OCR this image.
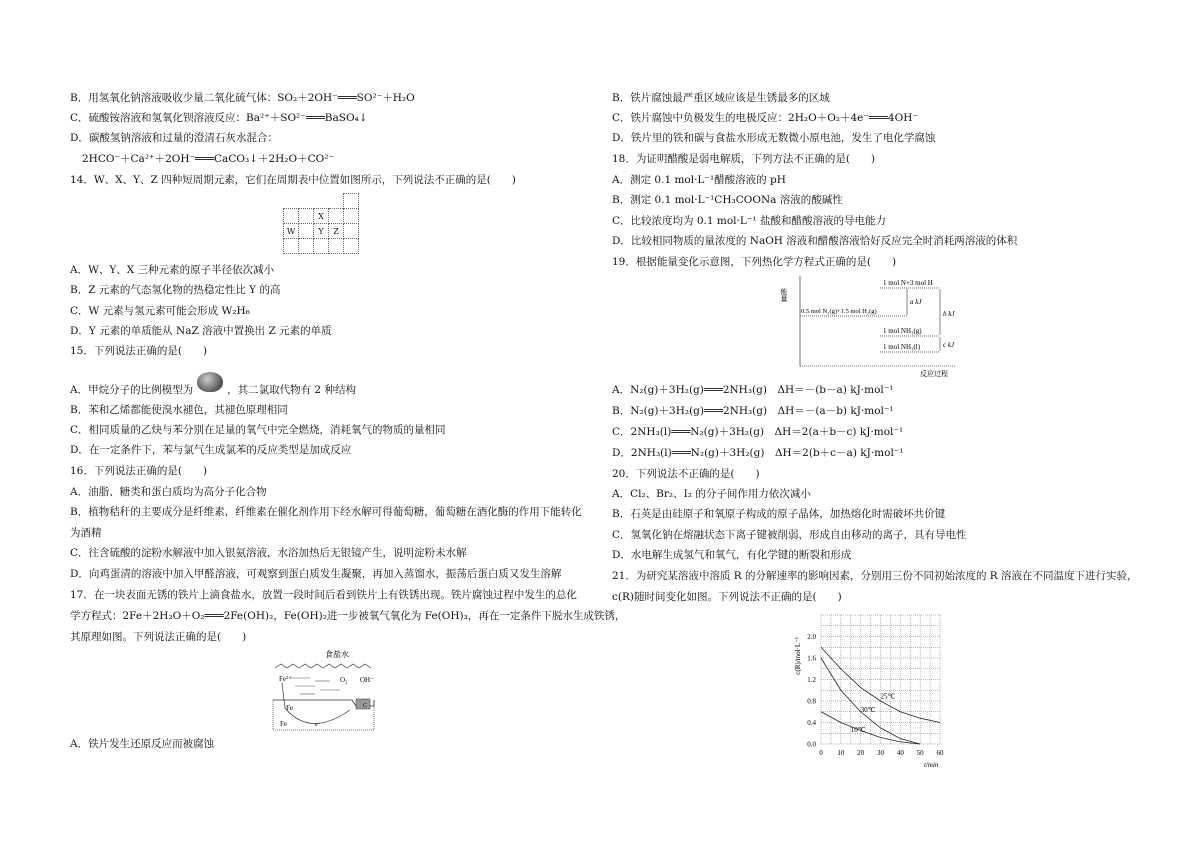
B．用氢氧化钠溶液吸收少量二氧化硫气体：SO₂＋2OH⁻═══SO²⁻＋H₂O
C．硫酸铵溶液和氢氧化钡溶液反应：Ba²⁺＋SO²⁻═══BaSO₄↓
D．碳酸氢钠溶液和过量的澄清石灰水混合：
2HCO⁻＋Ca²⁺＋2OH⁻═══CaCO₃↓＋2H₂O＋CO²⁻
14．W、X、Y、Z 四种短周期元素，它们在周期表中位置如图所示，下列说法不正确的是(　　)

		X		
W		Y	Z	

A．W、Y、X 三种元素的原子半径依次减小
B．Z 元素的气态氢化物的热稳定性比 Y 的高
C．W 元素与氢元素可能会形成 W₂H₆
D．Y 元素的单质能从 NaZ 溶液中置换出 Z 元素的单质
15．下列说法正确的是(　　)
A．甲烷分子的比例模型为	，其二氯取代物有 2 种结构
B．苯和乙烯都能使溴水褪色，其褪色原理相同
C．相同质量的乙炔与苯分别在足量的氧气中完全燃烧，消耗氧气的物质的量相同
D．在一定条件下，苯与氯气生成氯苯的反应类型是加成反应
16．下列说法正确的是(　　)
A．油脂、糖类和蛋白质均为高分子化合物
B．植物秸秆的主要成分是纤维素，纤维素在催化剂作用下经水解可得葡萄糖，葡萄糖在酒化酶的作用下能转化
为酒精
C．往含硫酸的淀粉水解液中加入银氨溶液，水浴加热后无银镜产生，说明淀粉未水解
D．向鸡蛋清的溶液中加入甲醛溶液，可观察到蛋白质发生凝聚，再加入蒸馏水，振荡后蛋白质又发生溶解
17．在一块表面无锈的铁片上滴食盐水，放置一段时间后看到铁片上有铁锈出现。铁片腐蚀过程中发生的总化
学方程式：2Fe＋2H₂O＋O₂═══2Fe(OH)₂，Fe(OH)₂进一步被氧气氧化为 Fe(OH)₃，再在一定条件下脱水生成铁锈，
其原理如图。下列说法正确的是(　　)
食盐水
Fe²⁺	O₂ OH⁻
C
Fe
e⁻
Fe
A．铁片发生还原反应而被腐蚀
B．铁片腐蚀最严重区域应该是生锈最多的区域
C．铁片腐蚀中负极发生的电极反应：2H₂O＋O₂＋4e⁻═══4OH⁻
D．铁片里的铁和碳与食盐水形成无数微小原电池，发生了电化学腐蚀
18．为证明醋酸是弱电解质，下列方法不正确的是(　　)
A．测定 0.1 mol·L⁻¹醋酸溶液的 pH
B．测定 0.1 mol·L⁻¹CH₃COONa 溶液的酸碱性
C．比较浓度均为 0.1 mol·L⁻¹ 盐酸和醋酸溶液的导电能力
D．比较相同物质的量浓度的 NaOH 溶液和醋酸溶液恰好反应完全时消耗两溶液的体积
19．根据能量变化示意图，下列热化学方程式正确的是(　　)
能量
反应过程
1 mol N+3 mol H
0.5 mol N₂(g)+1.5 mol H₂(g)
1 mol NH₃(g)
1 mol NH₃(l)
a kJ
b kJ
c kJ
A．N₂(g)＋3H₂(g)═══2NH₃(g)　ΔH＝－(b－a) kJ·mol⁻¹
B．N₂(g)＋3H₂(g)═══2NH₃(g)　ΔH＝－(a－b) kJ·mol⁻¹
C．2NH₃(l)═══N₂(g)＋3H₂(g)　ΔH＝2(a＋b－c) kJ·mol⁻¹
D．2NH₃(l)═══N₂(g)＋3H₂(g)　ΔH＝2(b＋c－a) kJ·mol⁻¹
20．下列说法不正确的是(　　)
A．Cl₂、Br₂、I₂ 的分子间作用力依次减小
B．石英是由硅原子和氧原子构成的原子晶体，加热熔化时需破坏共价键
C．氢氧化钠在熔融状态下离子键被削弱，形成自由移动的离子，具有导电性
D．水电解生成氢气和氧气，有化学键的断裂和形成
21．为研究某溶液中溶质 R 的分解速率的影响因素，分别用三份不同初始浓度的 R 溶液在不同温度下进行实验，
c(R)随时间变化如图。下列说法不正确的是(　　)
0 10 20 30 40 50 60
0.0
0.4
0.8
1.2
1.6
2.0
25℃
30℃
10℃
c(R)/mol·L⁻¹
t/min
